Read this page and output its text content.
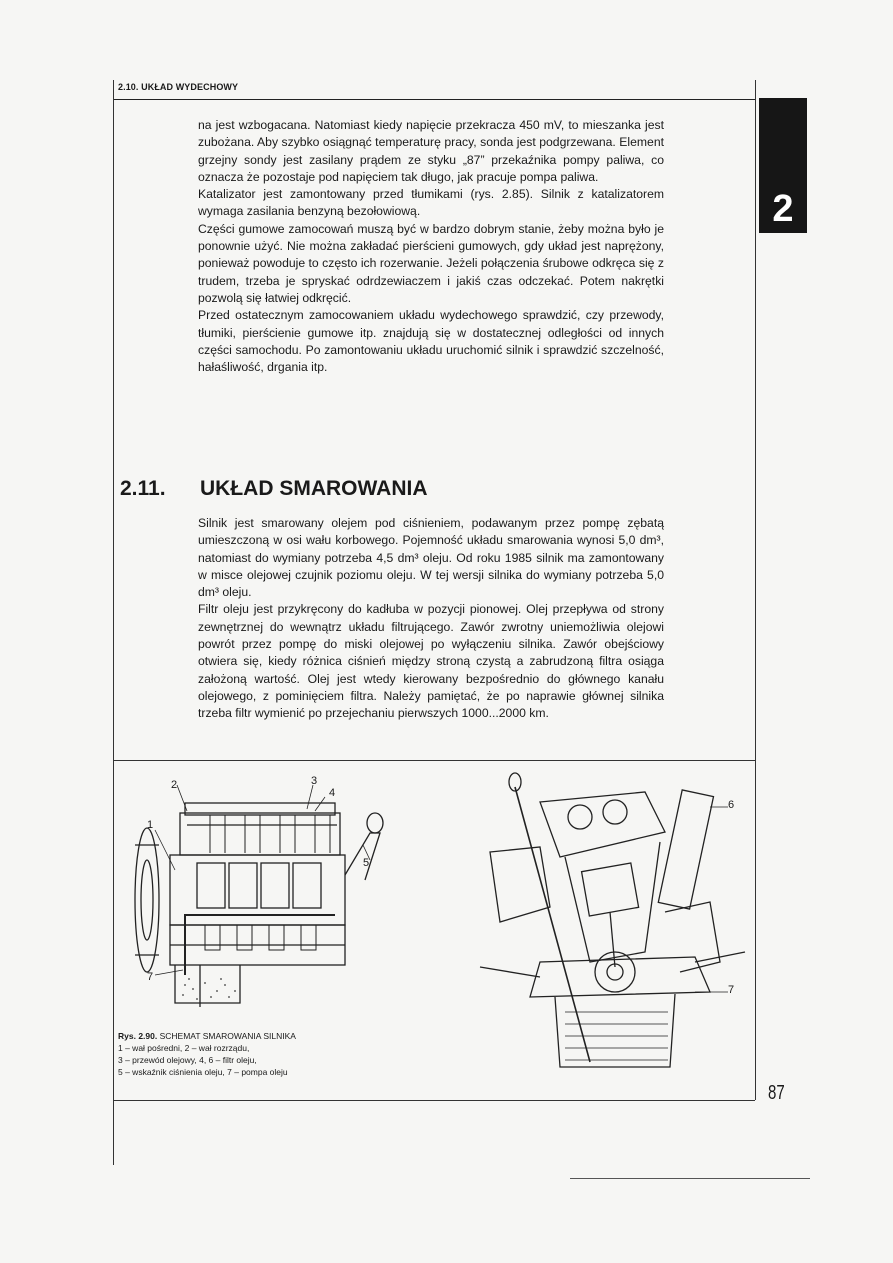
2.10. UKŁAD WYDECHOWY
2

na jest wzbogacana. Natomiast kiedy napięcie przekracza 450 mV, to mieszanka jest zubożana. Aby szybko osiągnąć temperaturę pracy, sonda jest podgrzewana. Element grzejny sondy jest zasilany prądem ze styku „87” przekaźnika pompy paliwa, co oznacza że pozostaje pod napięciem tak długo, jak pracuje pompa paliwa.

Katalizator jest zamontowany przed tłumikami (rys. 2.85). Silnik z katalizatorem wymaga zasilania benzyną bezołowiową.

Części gumowe zamocowań muszą być w bardzo dobrym stanie, żeby można było je ponownie użyć. Nie można zakładać pierścieni gumowych, gdy układ jest naprężony, ponieważ powoduje to często ich rozerwanie. Jeżeli połączenia śrubowe odkręca się z trudem, trzeba je spryskać odrdzewiaczem i jakiś czas odczekać. Potem nakrętki pozwolą się łatwiej odkręcić.

Przed ostatecznym zamocowaniem układu wydechowego sprawdzić, czy przewody, tłumiki, pierścienie gumowe itp. znajdują się w dostatecznej odległości od innych części samochodu. Po zamontowaniu układu uruchomić silnik i sprawdzić szczelność, hałaśliwość, drgania itp.

2.11. UKŁAD SMAROWANIA

Silnik jest smarowany olejem pod ciśnieniem, podawanym przez pompę zębatą umieszczoną w osi wału korbowego. Pojemność układu smarowania wynosi 5,0 dm³, natomiast do wymiany potrzeba 4,5 dm³ oleju. Od roku 1985 silnik ma zamontowany w misce olejowej czujnik poziomu oleju. W tej wersji silnika do wymiany potrzeba 5,0 dm³ oleju.

Filtr oleju jest przykręcony do kadłuba w pozycji pionowej. Olej przepływa od strony zewnętrznej do wewnątrz układu filtrującego. Zawór zwrotny uniemożliwia olejowi powrót przez pompę do miski olejowej po wyłączeniu silnika. Zawór obejściowy otwiera się, kiedy różnica ciśnień między stroną czystą a zabrudzoną filtra osiąga założoną wartość. Olej jest wtedy kierowany bezpośrednio do głównego kanału olejowego, z pominięciem filtra. Należy pamiętać, że po naprawie głównej silnika trzeba filtr wymienić po przejechaniu pierwszych 1000...2000 km.

2	3
4
1
5
7
6
7
Rys. 2.90. SCHEMAT SMAROWANIA SILNIKA
1 – wał pośredni, 2 – wał rozrządu,
3 – przewód olejowy, 4, 6 – filtr oleju,
5 – wskaźnik ciśnienia oleju, 7 – pompa oleju
87
